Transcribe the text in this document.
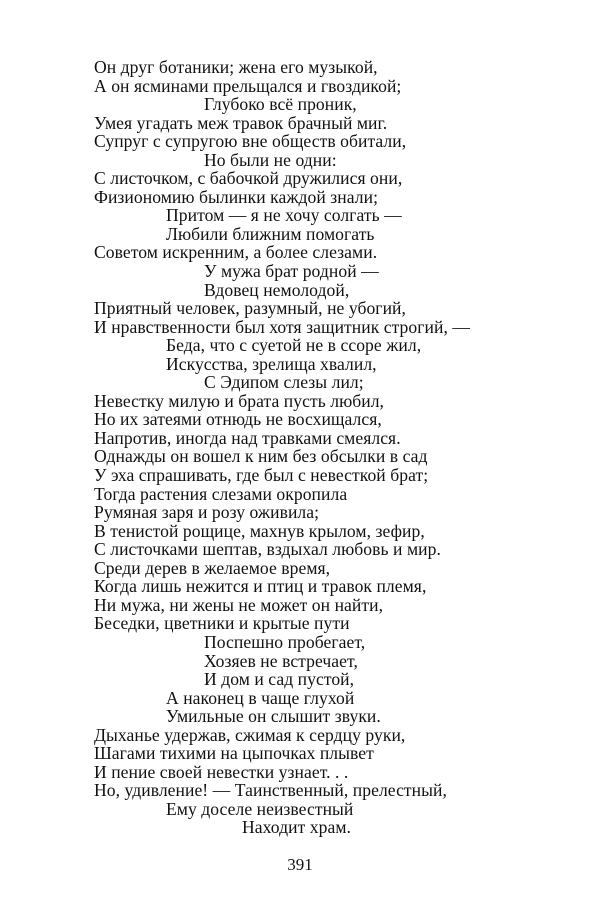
Он друг ботаники; жена его музыкой,
А он ясминами прельщался и гвоздикой;
Глубоко всё проник,
Умея угадать меж травок брачный миг.
Супруг с супругою вне обществ обитали,
Но были не одни:
С листочком, с бабочкой дружилися они,
Физиономию былинки каждой знали;
Притом — я не хочу солгать —
Любили ближним помогать
Советом искренним, а более слезами.
У мужа брат родной —
Вдовец немолодой,
Приятный человек, разумный, не убогий,
И нравственности был хотя защитник строгий, —
Беда, что с суетой не в ссоре жил,
Искусства, зрелища хвалил,
С Эдипом слезы лил;
Невестку милую и брата пусть любил,
Но их затеями отнюдь не восхищался,
Напротив, иногда над травками смеялся.
Однажды он вошел к ним без обсылки в сад
У эха спрашивать, где был с невесткой брат;
Тогда растения слезами окропила
Румяная заря и розу оживила;
В тенистой рощице, махнув крылом, зефир,
С листочками шептав, вздыхал любовь и мир.
Среди дерев в желаемое время,
Когда лишь нежится и птиц и травок племя,
Ни мужа, ни жены не может он найти,
Беседки, цветники и крытые пути
Поспешно пробегает,
Хозяев не встречает,
И дом и сад пустой,
А наконец в чаще глухой
Умильные он слышит звуки.
Дыханье удержав, сжимая к сердцу руки,
Шагами тихими на цыпочках плывет
И пение своей невестки узнает. . .
Но, удивление! — Таинственный, прелестный,
Ему доселе неизвестный
Находит храм.
391
